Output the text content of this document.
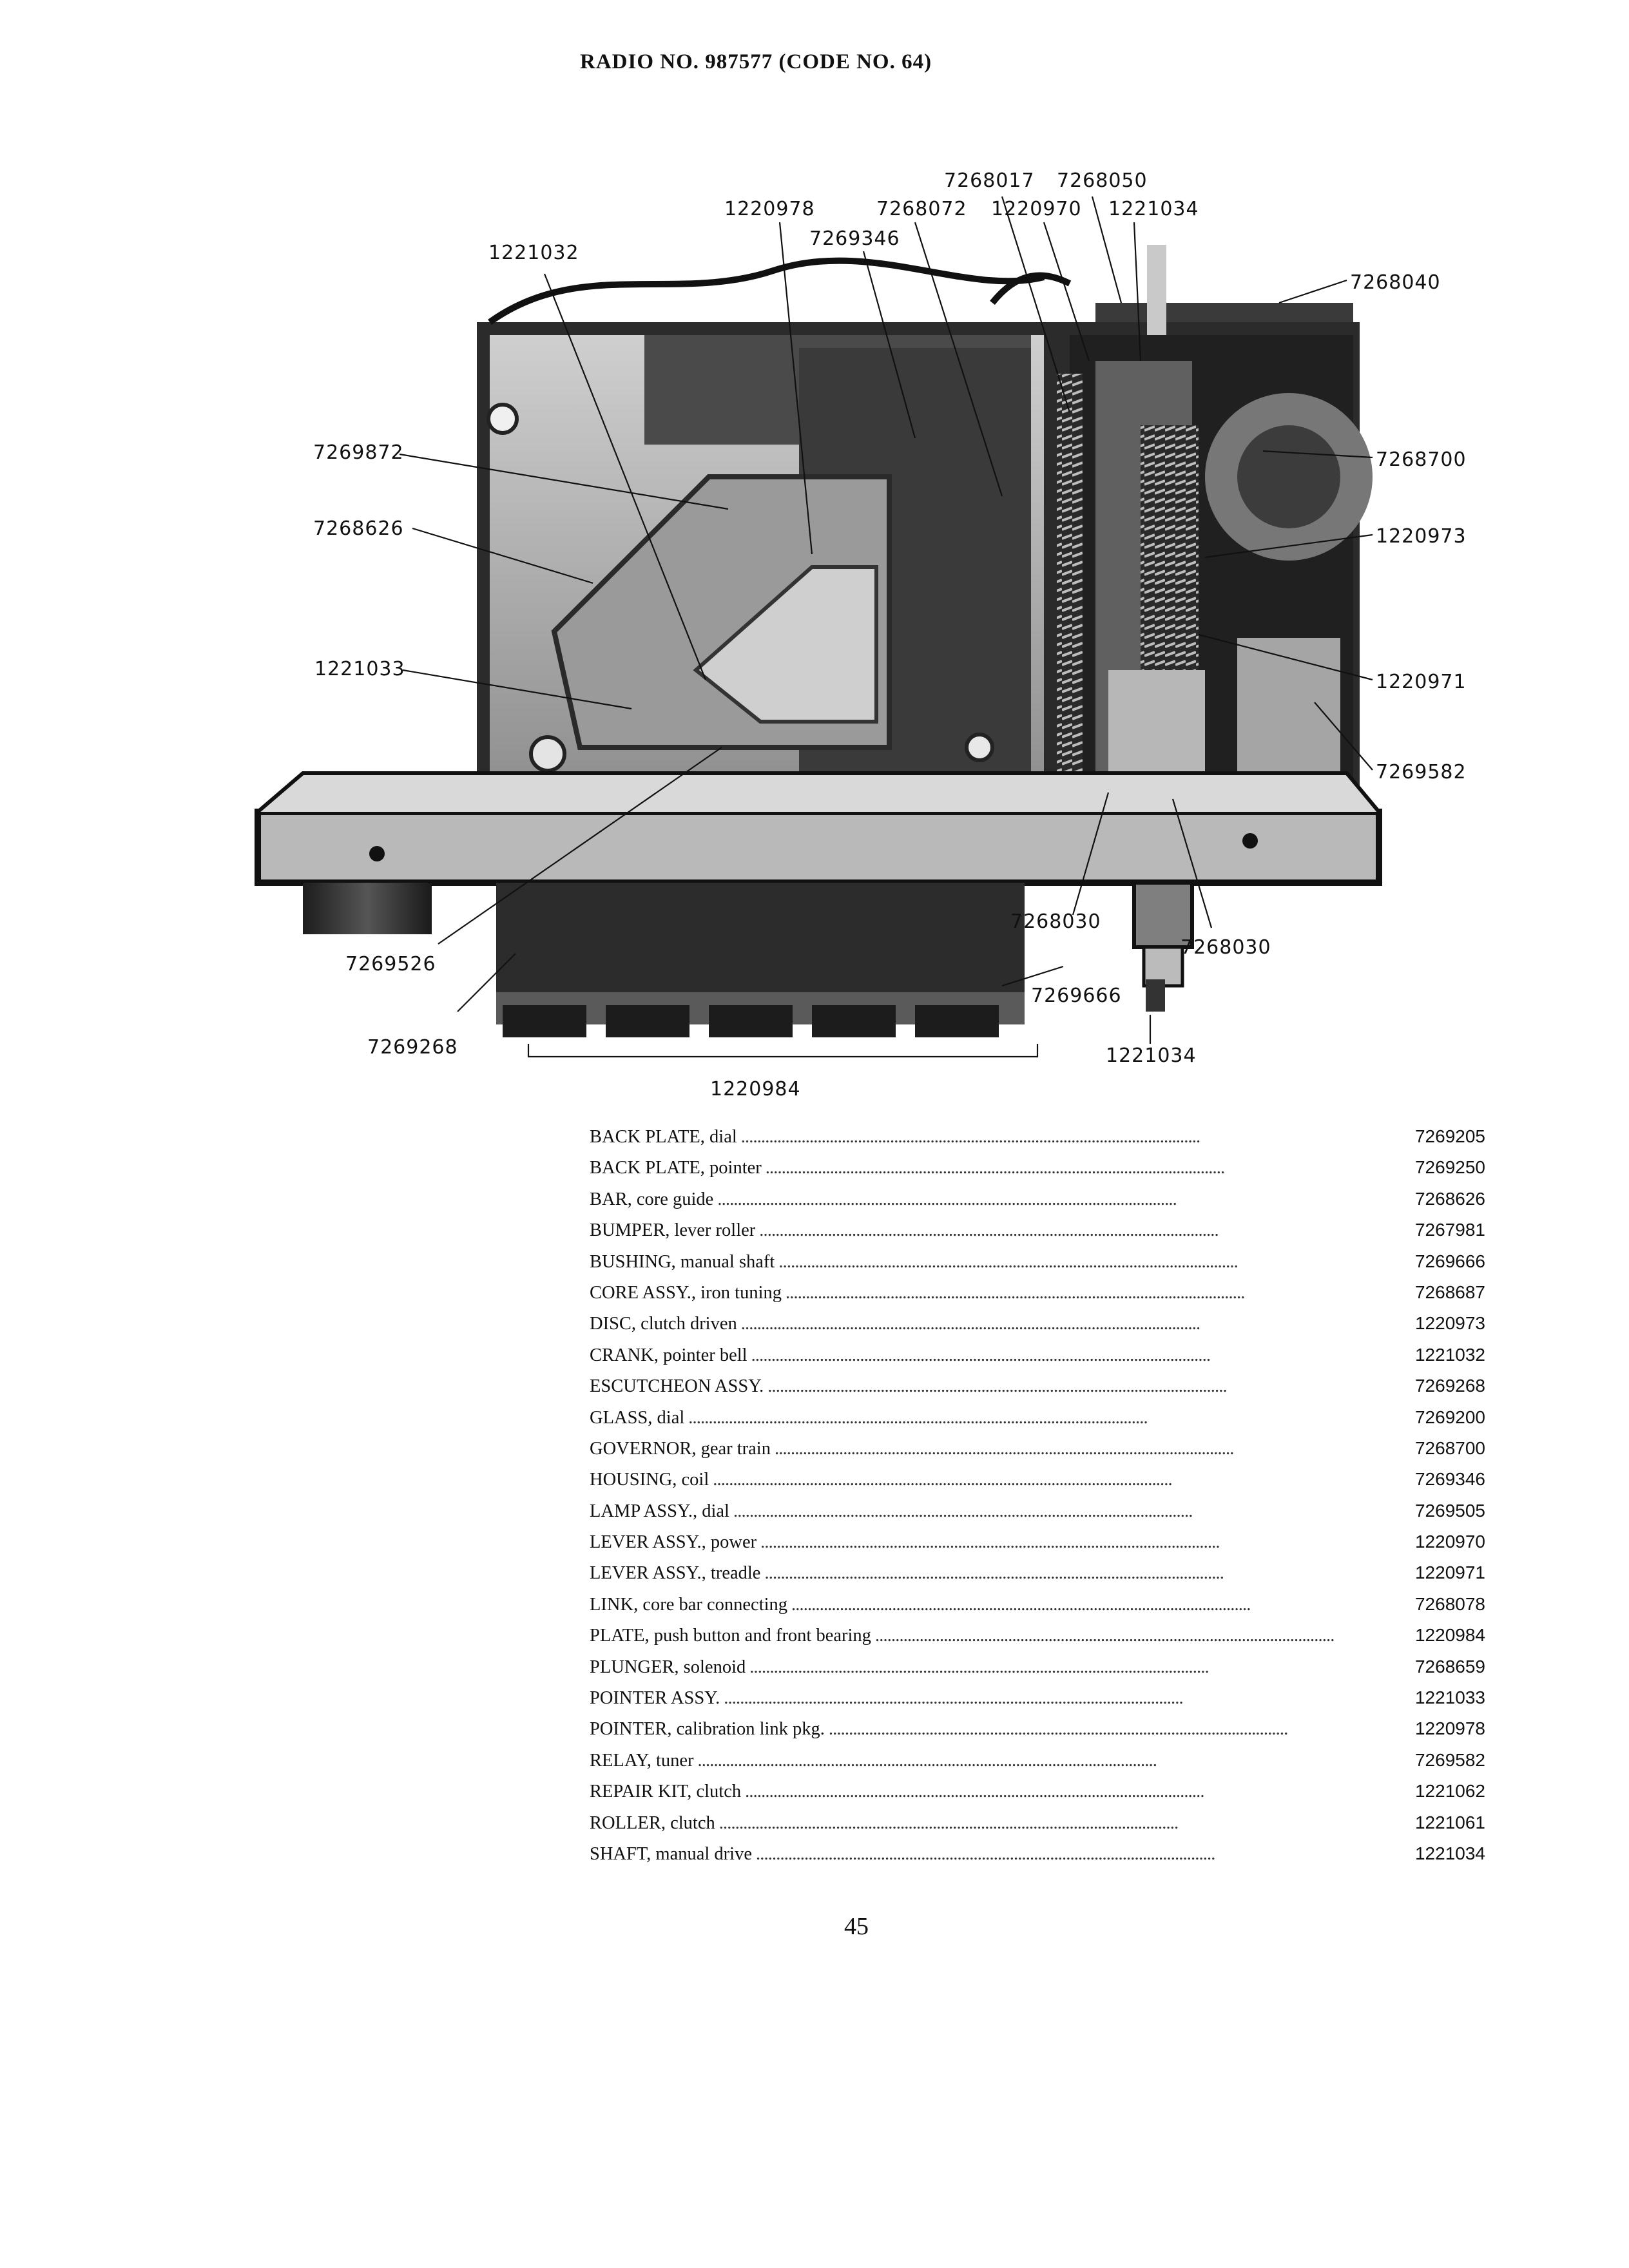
RADIO NO. 987577 (CODE NO. 64)
1221032
1220978	7268072
7269346
7268017 7268050
1220970 1221034
7268040
7269872
7268626
7268700
1220973
1221033
1220971
7269582
7268030
7268030
7269526
7269666
7269268	1221034
1220984
BACK PLATE, dial . . .	7269205
BACK PLATE, pointer . . .	7269250
BAR, core guide . . .	7268626
BUMPER, lever roller . . .	7267981
BUSHING, manual shaft . . .	7269666
CORE ASSY., iron tuning . . .	7268687
DISC, clutch driven . . .	1220973
CRANK, pointer bell . . .	1221032
ESCUTCHEON ASSY. . . .	7269268
GLASS, dial . . .	7269200
GOVERNOR, gear train . . .	7268700
HOUSING, coil . . .	7269346
LAMP ASSY., dial . . .	7269505
LEVER ASSY., power . . .	1220970
LEVER ASSY., treadle . . .	1220971
LINK, core bar connecting . . .	7268078
PLATE, push button and front bearing . . .	1220984
PLUNGER, solenoid . . .	7268659
POINTER ASSY. . . .	1221033
POINTER, calibration link pkg. . . .	1220978
RELAY, tuner . . .	7269582
REPAIR KIT, clutch . . .	1221062
ROLLER, clutch . . .	1221061
SHAFT, manual drive . . .	1221034
45
